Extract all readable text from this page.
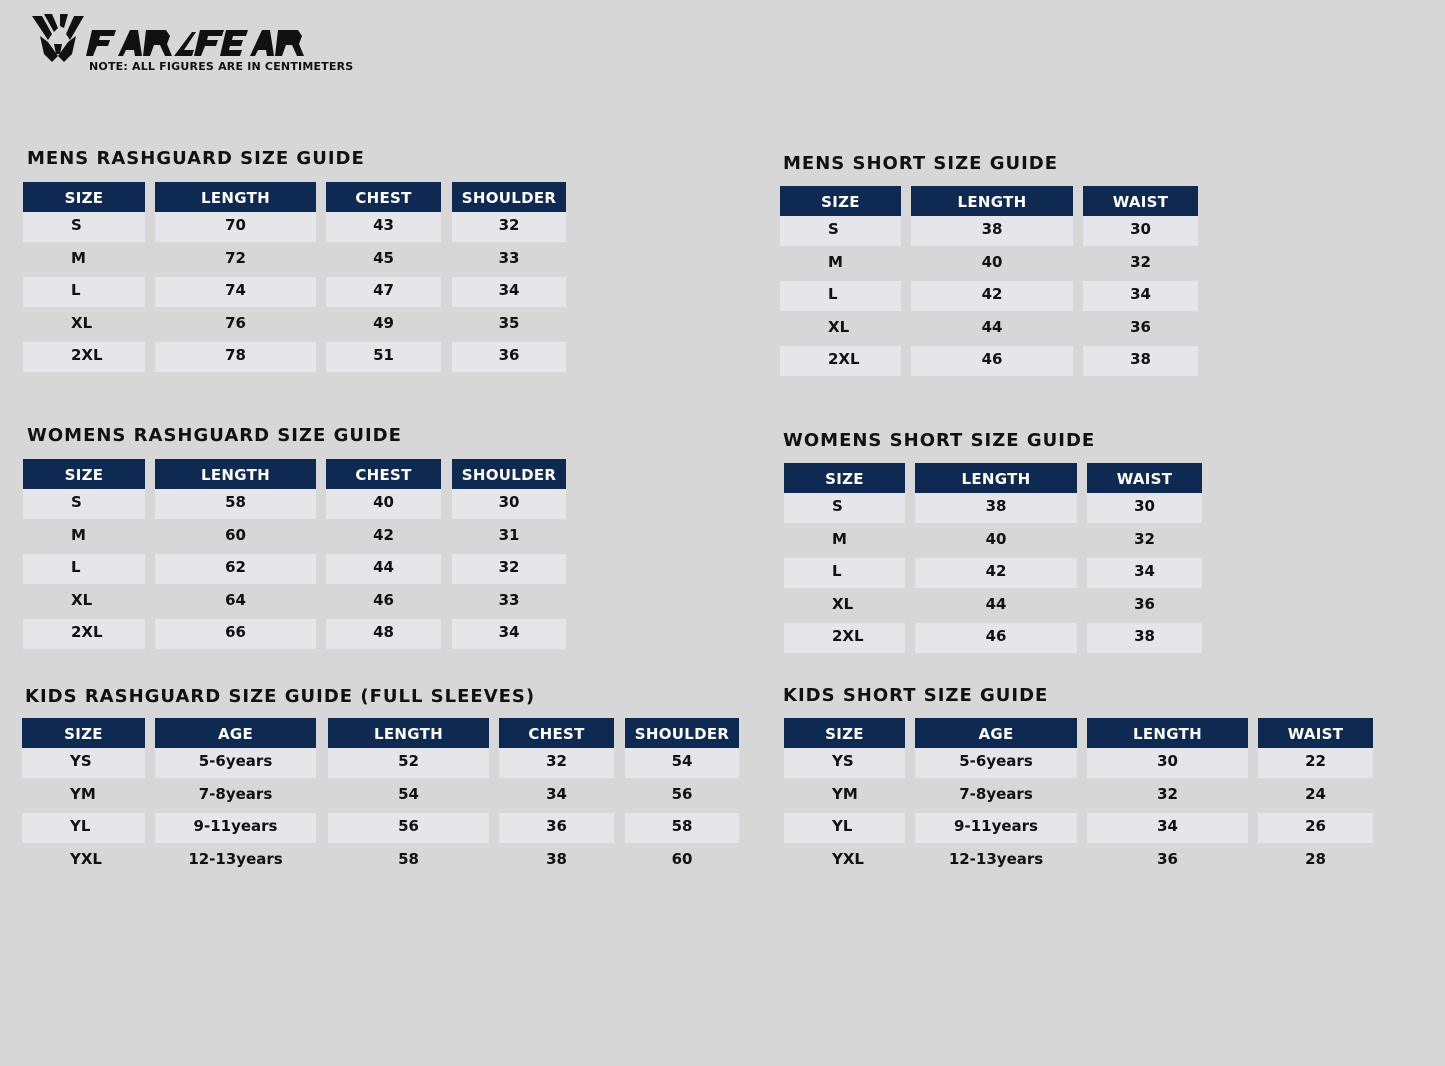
NOTE: ALL FIGURES ARE IN CENTIMETERS
MENS RASHGUARD SIZE GUIDE
SIZE	LENGTH	CHEST	SHOULDER
S	70	43	32
M	72	45	33
L	74	47	34
XL	76	49	35
2XL	78	51	36
WOMENS RASHGUARD SIZE GUIDE
SIZE	LENGTH	CHEST	SHOULDER
S	58	40	30
M	60	42	31
L	62	44	32
XL	64	46	33
2XL	66	48	34
KIDS RASHGUARD SIZE GUIDE (FULL SLEEVES)
SIZE	AGE	LENGTH	CHEST	SHOULDER
YS	5-6years	52	32	54
YM	7-8years	54	34	56
YL	9-11years	56	36	58
YXL	12-13years	58	38	60
MENS SHORT SIZE GUIDE
SIZE	LENGTH	WAIST
S	38	30
M	40	32
L	42	34
XL	44	36
2XL	46	38
WOMENS SHORT SIZE GUIDE
SIZE	LENGTH	WAIST
S	38	30
M	40	32
L	42	34
XL	44	36
2XL	46	38
KIDS SHORT SIZE GUIDE
SIZE	AGE	LENGTH	WAIST
YS	5-6years	30	22
YM	7-8years	32	24
YL	9-11years	34	26
YXL	12-13years	36	28
